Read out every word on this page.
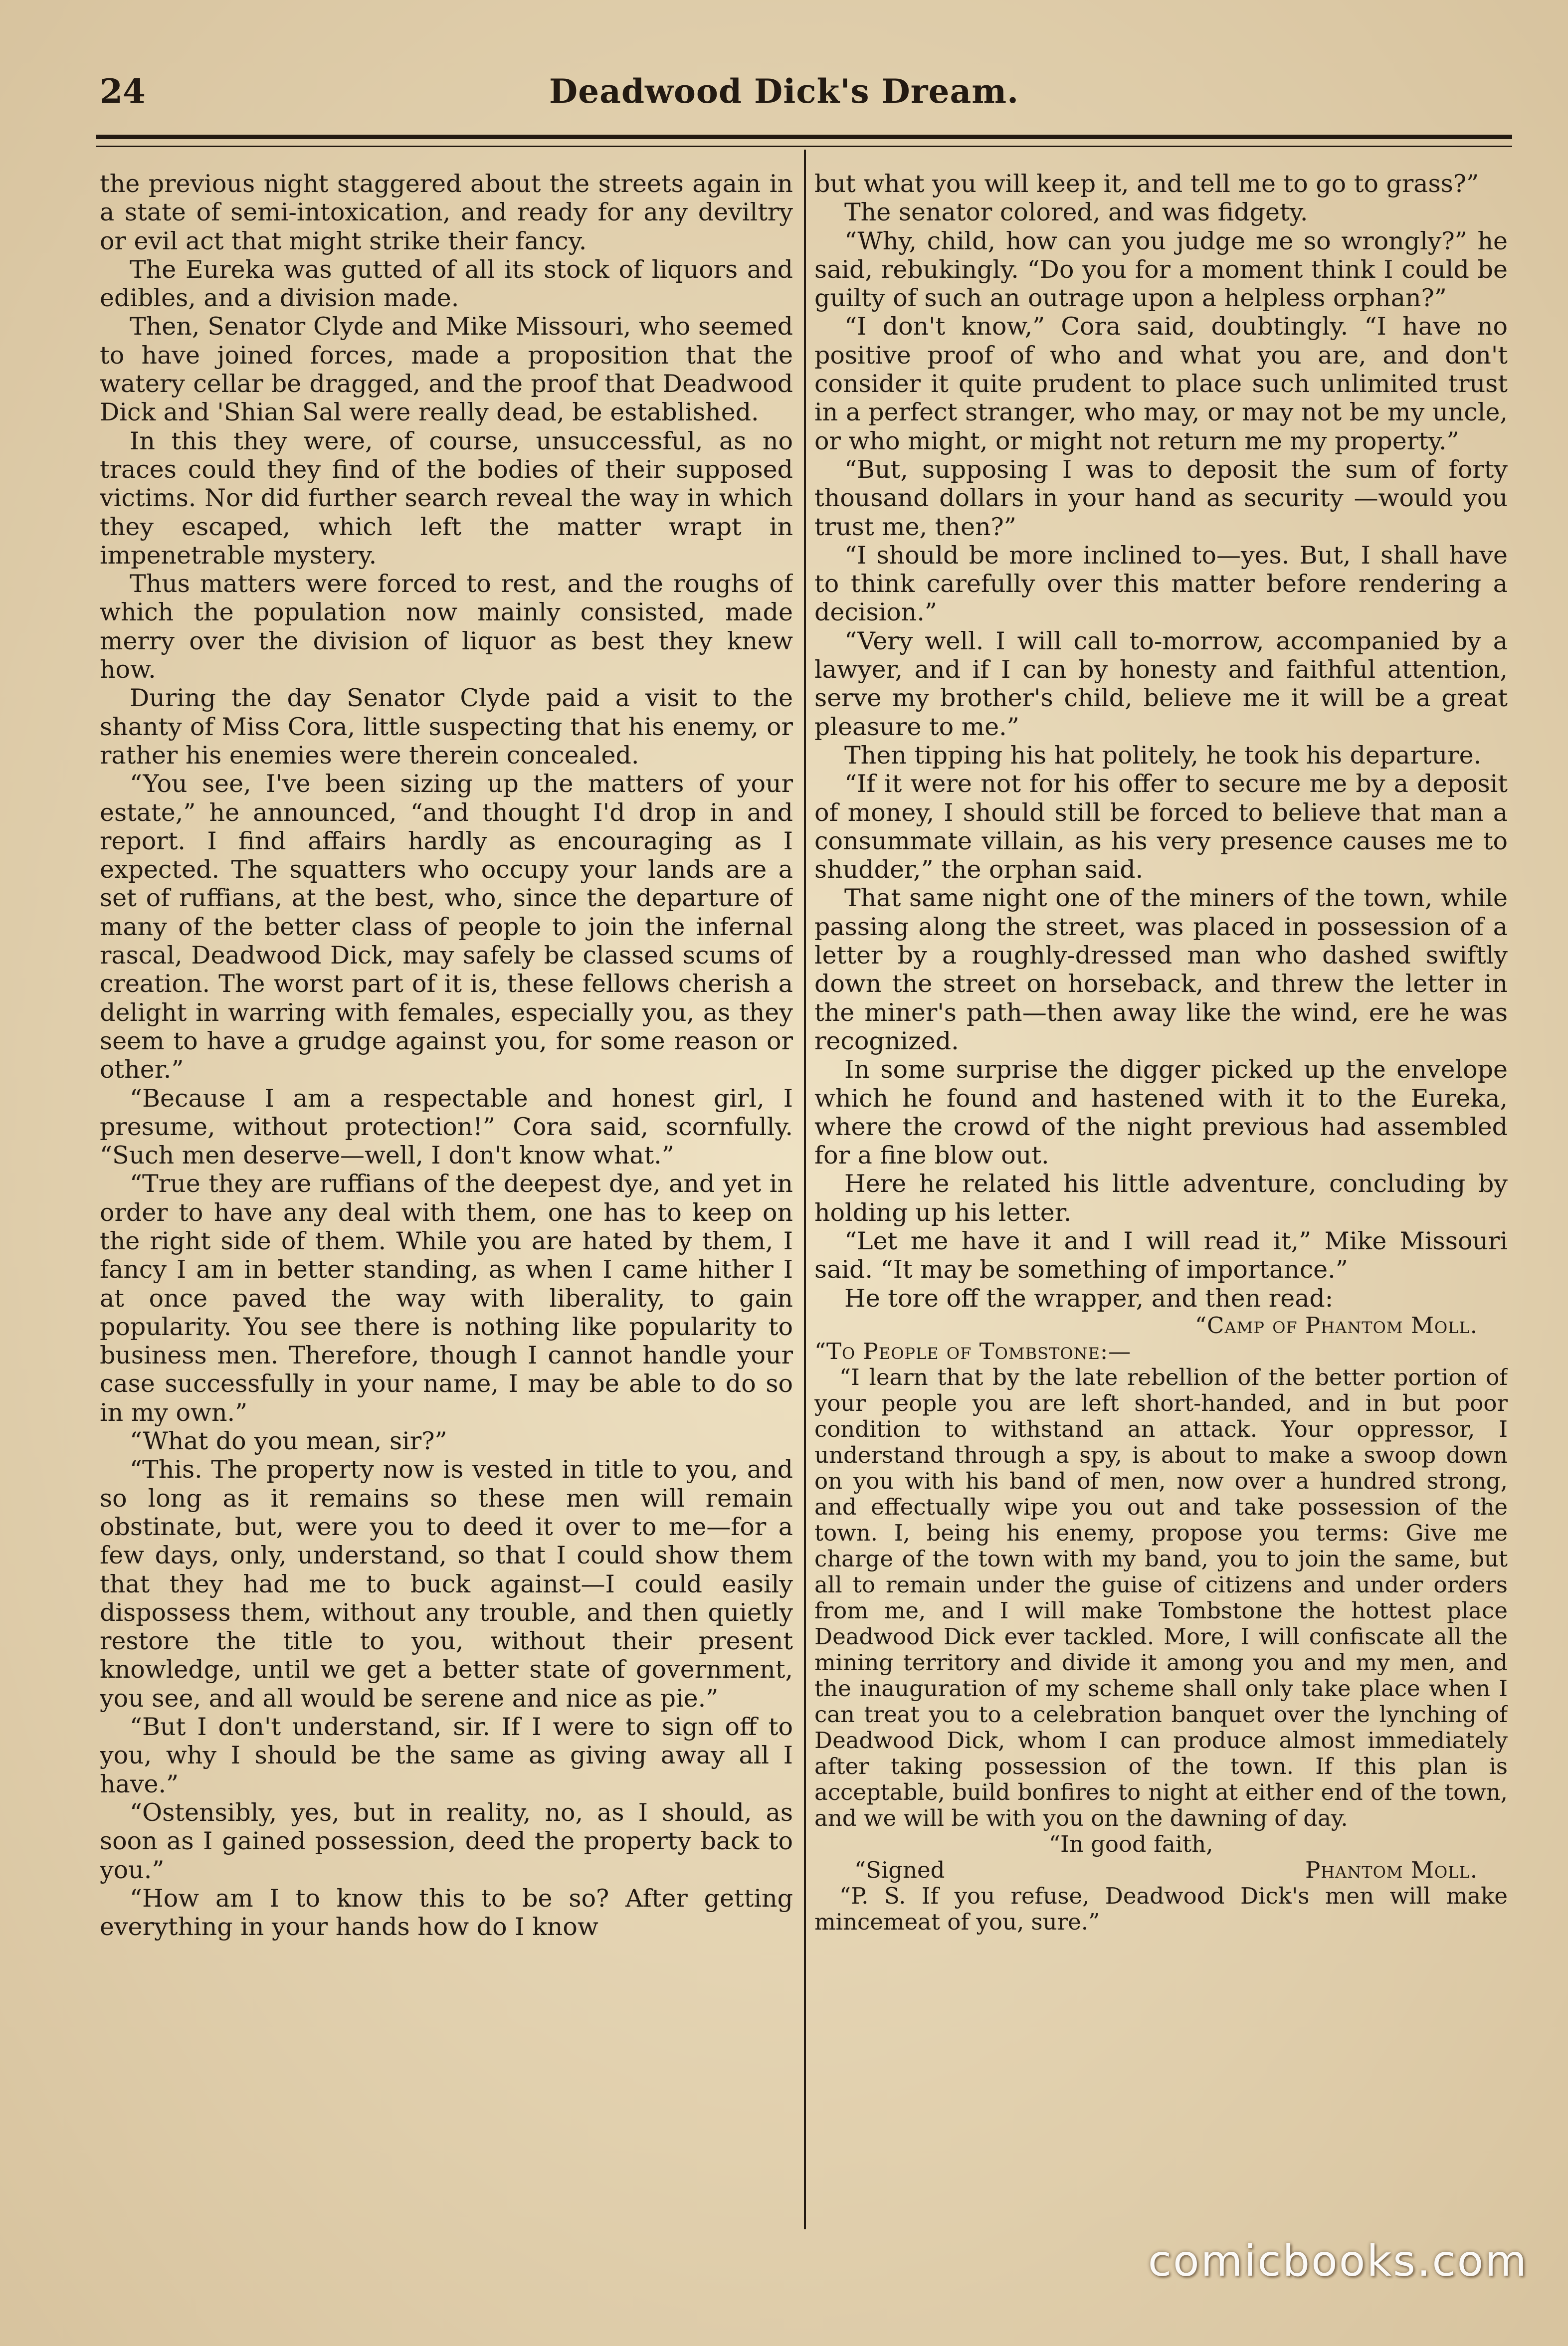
24	Deadwood Dick's Dream.

the previous night staggered about the streets again in a state of semi-intoxication, and ready for any deviltry or evil act that might strike their fancy.

The Eureka was gutted of all its stock of liquors and edibles, and a division made.

Then, Senator Clyde and Mike Missouri, who seemed to have joined forces, made a proposition that the watery cellar be dragged, and the proof that Deadwood Dick and 'Shian Sal were really dead, be established.

In this they were, of course, unsuccessful, as no traces could they find of the bodies of their supposed victims. Nor did further search reveal the way in which they escaped, which left the matter wrapt in impenetrable mystery.

Thus matters were forced to rest, and the roughs of which the population now mainly consisted, made merry over the division of liquor as best they knew how.

During the day Senator Clyde paid a visit to the shanty of Miss Cora, little suspecting that his enemy, or rather his enemies were therein concealed.

“You see, I've been sizing up the matters of your estate,” he announced, “and thought I'd drop in and report. I find affairs hardly as encouraging as I expected. The squatters who occupy your lands are a set of ruffians, at the best, who, since the departure of many of the better class of people to join the infernal rascal, Deadwood Dick, may safely be classed scums of creation. The worst part of it is, these fellows cherish a delight in warring with females, especially you, as they seem to have a grudge against you, for some reason or other.”

“Because I am a respectable and honest girl, I presume, without protection!” Cora said, scornfully. “Such men deserve—well, I don't know what.”

“True they are ruffians of the deepest dye, and yet in order to have any deal with them, one has to keep on the right side of them. While you are hated by them, I fancy I am in better standing, as when I came hither I at once paved the way with liberality, to gain popularity. You see there is nothing like popularity to business men. Therefore, though I cannot handle your case successfully in your name, I may be able to do so in my own.”

“What do you mean, sir?”

“This. The property now is vested in title to you, and so long as it remains so these men will remain obstinate, but, were you to deed it over to me—for a few days, only, understand, so that I could show them that they had me to buck against—I could easily dispossess them, without any trouble, and then quietly restore the title to you, without their present knowledge, until we get a better state of government, you see, and all would be serene and nice as pie.”

“But I don't understand, sir. If I were to sign off to you, why I should be the same as giving away all I have.”

“Ostensibly, yes, but in reality, no, as I should, as soon as I gained possession, deed the property back to you.”

“How am I to know this to be so? After getting everything in your hands how do I know

but what you will keep it, and tell me to go to grass?”

The senator colored, and was fidgety.

“Why, child, how can you judge me so wrongly?” he said, rebukingly. “Do you for a moment think I could be guilty of such an outrage upon a helpless orphan?”

“I don't know,” Cora said, doubtingly. “I have no positive proof of who and what you are, and don't consider it quite prudent to place such unlimited trust in a perfect stranger, who may, or may not be my uncle, or who might, or might not return me my property.”

“But, supposing I was to deposit the sum of forty thousand dollars in your hand as security —would you trust me, then?”

“I should be more inclined to—yes. But, I shall have to think carefully over this matter before rendering a decision.”

“Very well. I will call to-morrow, accompanied by a lawyer, and if I can by honesty and faithful attention, serve my brother's child, believe me it will be a great pleasure to me.”

Then tipping his hat politely, he took his departure.

“If it were not for his offer to secure me by a deposit of money, I should still be forced to believe that man a consummate villain, as his very presence causes me to shudder,” the orphan said.

That same night one of the miners of the town, while passing along the street, was placed in possession of a letter by a roughly-dressed man who dashed swiftly down the street on horseback, and threw the letter in the miner's path—then away like the wind, ere he was recognized.

In some surprise the digger picked up the envelope which he found and hastened with it to the Eureka, where the crowd of the night previous had assembled for a fine blow out.

Here he related his little adventure, concluding by holding up his letter.

“Let me have it and I will read it,” Mike Missouri said. “It may be something of importance.”

He tore off the wrapper, and then read:

“Camp of Phantom Moll.

“To People of Tombstone:—

“I learn that by the late rebellion of the better portion of your people you are left short-handed, and in but poor condition to withstand an attack. Your oppressor, I understand through a spy, is about to make a swoop down on you with his band of men, now over a hundred strong, and effectually wipe you out and take possession of the town. I, being his enemy, propose you terms: Give me charge of the town with my band, you to join the same, but all to remain under the guise of citizens and under orders from me, and I will make Tombstone the hottest place Deadwood Dick ever tackled. More, I will confiscate all the mining territory and divide it among you and my men, and the inauguration of my scheme shall only take place when I can treat you to a celebration banquet over the lynching of Deadwood Dick, whom I can produce almost immediately after taking possession of the town. If this plan is acceptable, build bonfires to night at either end of the town, and we will be with you on the dawning of day.

“In good faith,

“Signed	Phantom Moll.

“P. S. If you refuse, Deadwood Dick's men will make mincemeat of you, sure.”

comicbooks.com
